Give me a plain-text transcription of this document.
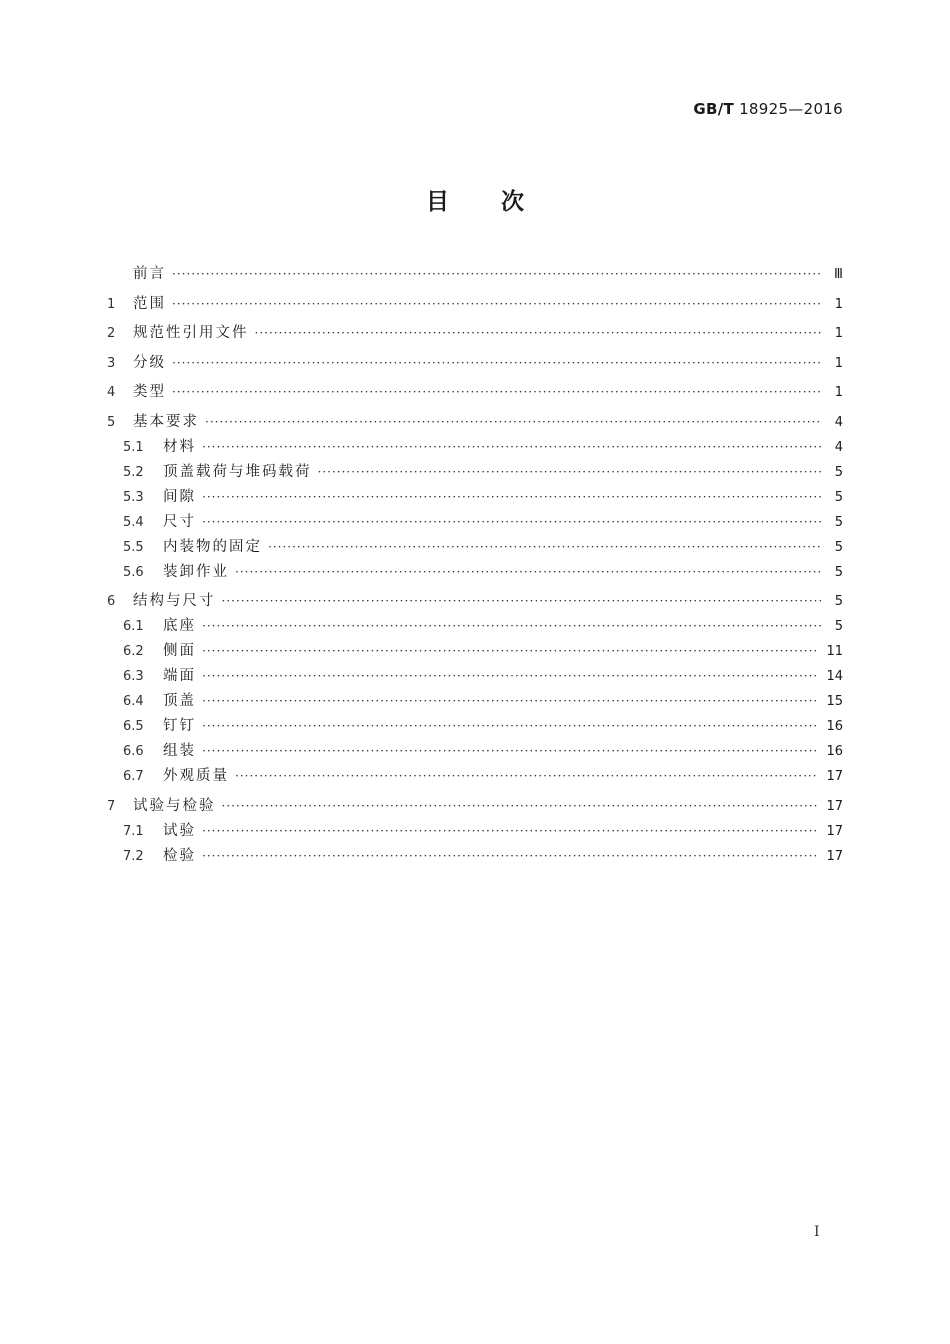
GB/T 18925—2016
目次
前言 ·····	Ⅲ
1	范围 ·····	1
2	规范性引用文件 ·····	1
3	分级 ·····	1
4	类型 ·····	1
5	基本要求 ·····	4
5.1	材料 ·····	4
5.2	顶盖载荷与堆码载荷 ·····	5
5.3	间隙 ·····	5
5.4	尺寸 ·····	5
5.5	内装物的固定 ·····	5
5.6	装卸作业 ·····	5
6	结构与尺寸 ·····	5
6.1	底座 ·····	5
6.2	侧面 ·····	11
6.3	端面 ·····	14
6.4	顶盖 ·····	15
6.5	钉钉 ·····	16
6.6	组装 ·····	16
6.7	外观质量 ·····	17
7	试验与检验 ·····	17
7.1	试验 ·····	17
7.2	检验 ·····	17
I
